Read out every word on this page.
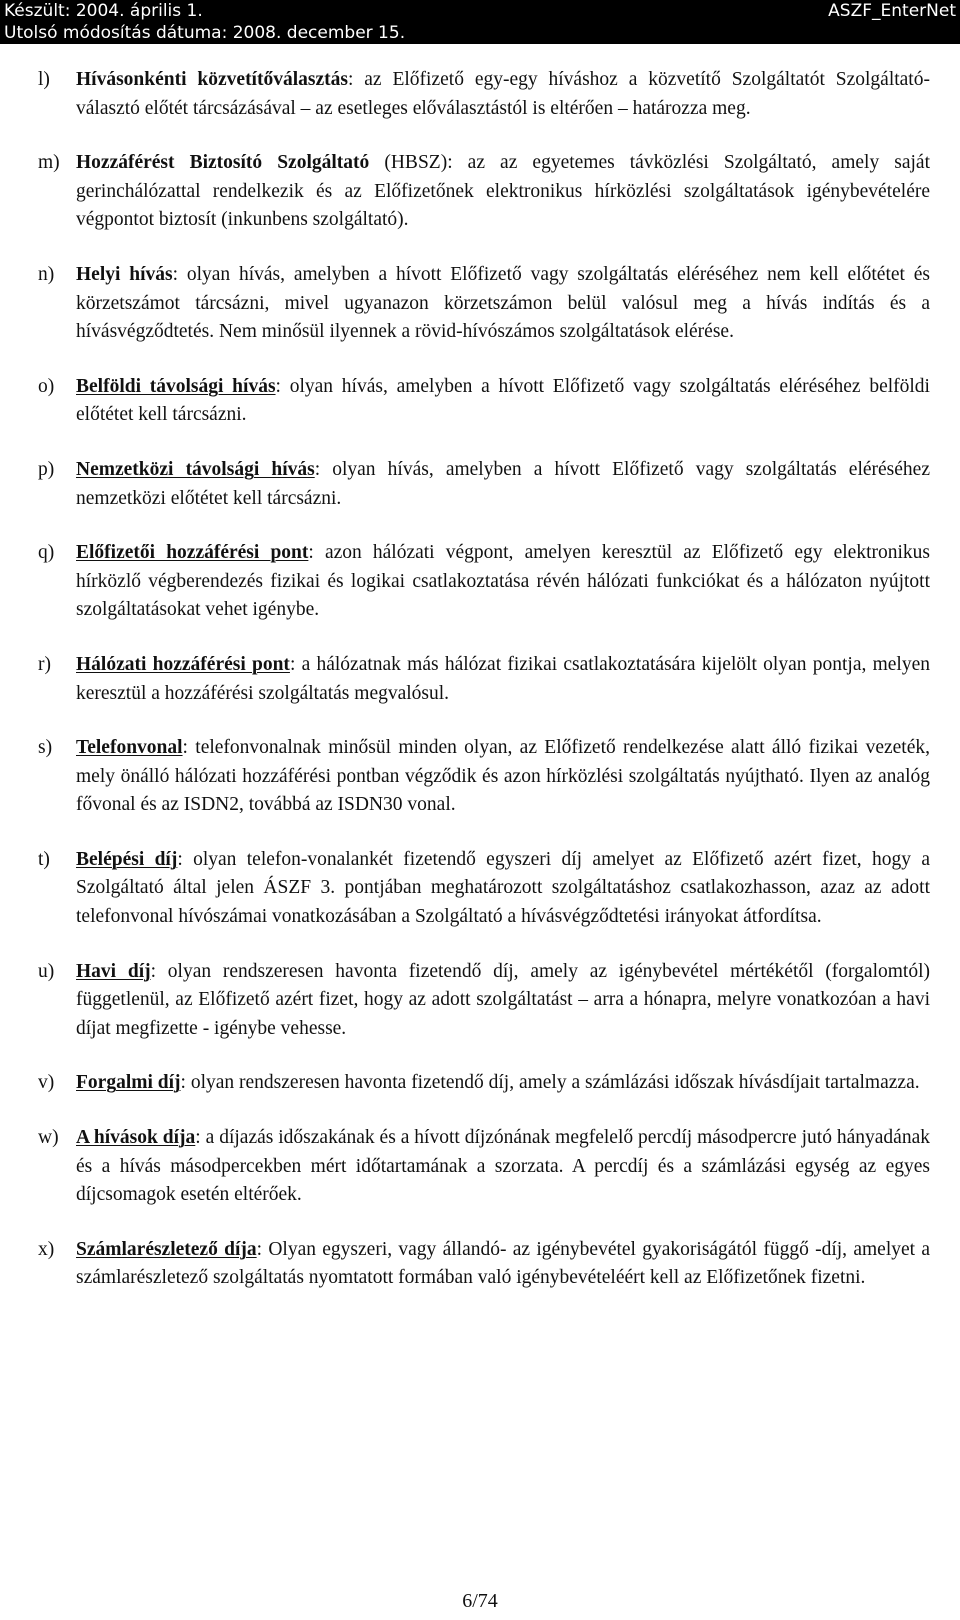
Készült: 2004. április 1.
Utolsó módosítás dátuma: 2008. december 15.
ASZF_EnterNet
l)	Hívásonkénti közvetítőválasztás: az Előfizető egy-egy híváshoz a közvetítő Szolgáltatót Szolgáltató-választó előtét tárcsázásával – az esetleges előválasztástól is eltérően – határozza meg.
m) Hozzáférést Biztosító Szolgáltató (HBSZ): az az egyetemes távközlési Szolgáltató, amely saját gerinchálózattal rendelkezik és az Előfizetőnek elektronikus hírközlési szolgáltatások igénybevételére végpontot biztosít (inkunbens szolgáltató).
n)	Helyi hívás: olyan hívás, amelyben a hívott Előfizető vagy szolgáltatás eléréséhez nem kell előtétet és körzetszámot tárcsázni, mivel ugyanazon körzetszámon belül valósul meg a hívás indítás és a hívásvégződtetés. Nem minősül ilyennek a rövid-hívószámos szolgáltatások elérése.
o)	Belföldi távolsági hívás: olyan hívás, amelyben a hívott Előfizető vagy szolgáltatás eléréséhez belföldi előtétet kell tárcsázni.
p)	Nemzetközi távolsági hívás: olyan hívás, amelyben a hívott Előfizető vagy szolgáltatás eléréséhez nemzetközi előtétet kell tárcsázni.
q)	Előfizetői hozzáférési pont: azon hálózati végpont, amelyen keresztül az Előfizető egy elektronikus hírközlő végberendezés fizikai és logikai csatlakoztatása révén hálózati funkciókat és a hálózaton nyújtott szolgáltatásokat vehet igénybe.
r)	Hálózati hozzáférési pont: a hálózatnak más hálózat fizikai csatlakoztatására kijelölt olyan pontja, melyen keresztül a hozzáférési szolgáltatás megvalósul.
s)	Telefonvonal: telefonvonalnak minősül minden olyan, az Előfizető rendelkezése alatt álló fizikai vezeték, mely önálló hálózati hozzáférési pontban végződik és azon hírközlési szolgáltatás nyújtható. Ilyen az analóg fővonal és az ISDN2, továbbá az ISDN30 vonal.
t)	Belépési díj: olyan telefon-vonalankét fizetendő egyszeri díj amelyet az Előfizető azért fizet, hogy a Szolgáltató által jelen ÁSZF 3. pontjában meghatározott szolgáltatáshoz csatlakozhasson, azaz az adott telefonvonal hívószámai vonatkozásában a Szolgáltató a hívásvégződtetési irányokat átfordítsa.
u)	Havi díj: olyan rendszeresen havonta fizetendő díj, amely az igénybevétel mértékétől (forgalomtól) függetlenül, az Előfizető azért fizet, hogy az adott szolgáltatást – arra a hónapra, melyre vonatkozóan a havi díjat megfizette - igénybe vehesse.
v)	Forgalmi díj: olyan rendszeresen havonta fizetendő díj, amely a számlázási időszak hívásdíjait tartalmazza.
w) A hívások díja: a díjazás időszakának és a hívott díjzónának megfelelő percdíj másodpercre jutó hányadának és a hívás másodpercekben mért időtartamának a szorzata. A percdíj és a számlázási egység az egyes díjcsomagok esetén eltérőek.
x)	Számlarészletező díja: Olyan egyszeri, vagy állandó- az igénybevétel gyakoriságától függő -díj, amelyet a számlarészletező szolgáltatás nyomtatott formában való igénybevételéért kell az Előfizetőnek fizetni.
6/74
